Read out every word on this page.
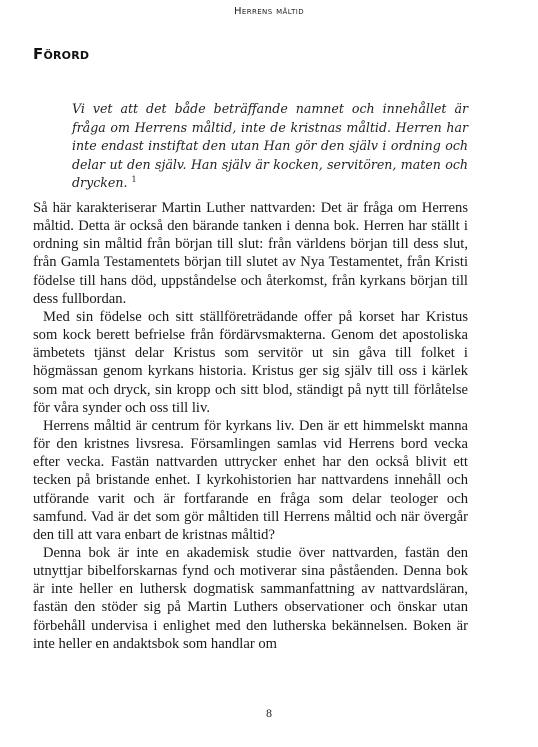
Herrens måltid
Förord

Vi vet att det både beträffande namnet och innehållet är fråga om Herrens måltid, inte de kristnas måltid. Herren har inte endast instiftat den utan Han gör den själv i ordning och delar ut den själv. Han själv är kocken, servitören, maten och drycken. $^1$

Så här karakteriserar Martin Luther nattvarden: Det är fråga om Herrens måltid. Detta är också den bärande tanken i denna bok. Herren har ställt i ordning sin måltid från början till slut: från världens början till dess slut, från Gamla Testamentets början till slutet av Nya Testamentet, från Kristi födelse till hans död, uppståndelse och återkomst, från kyrkans början till dess fullbordan.

Med sin födelse och sitt ställföreträdande offer på korset har Kristus som kock berett befrielse från fördärvsmakterna. Genom det apostoliska ämbetets tjänst delar Kristus som servitör ut sin gåva till folket i högmässan genom kyrkans historia. Kristus ger sig själv till oss i kärlek som mat och dryck, sin kropp och sitt blod, ständigt på nytt till förlåtelse för våra synder och oss till liv.

Herrens måltid är centrum för kyrkans liv. Den är ett himmelskt manna för den kristnes livsresa. Församlingen samlas vid Herrens bord vecka efter vecka. Fastän nattvarden uttrycker enhet har den också blivit ett tecken på bristande enhet. I kyrkohistorien har nattvardens innehåll och utförande varit och är fortfarande en fråga som delar teologer och samfund. Vad är det som gör måltiden till Herrens måltid och när övergår den till att vara enbart de kristnas måltid?

Denna bok är inte en akademisk studie över nattvarden, fastän den utnyttjar bibelforskarnas fynd och motiverar sina påståenden. Denna bok är inte heller en luthersk dogmatisk sammanfattning av nattvardsläran, fastän den stöder sig på Martin Luthers observationer och önskar utan förbehåll undervisa i enlighet med den lutherska bekännelsen. Boken är inte heller en andaktsbok som handlar om

8
